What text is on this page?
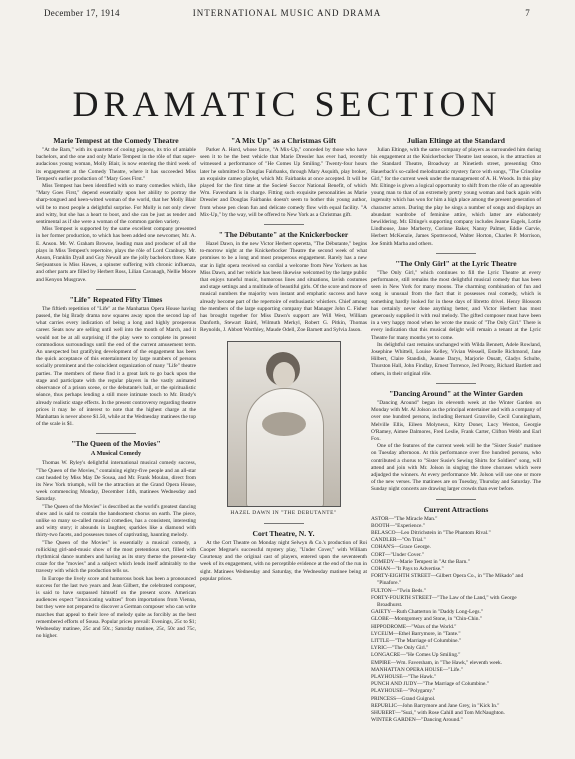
December 17, 1914	INTERNATIONAL MUSIC AND DRAMA	7
DRAMATIC SECTION
Marie Tempest at the Comedy Theatre

"At the Barn," with its quartette of cooing pigeons, its trio of amiable bachelors, and the one and only Marie Tempest in the rôle of that super-audacious young woman, Molly Blair, is now entering the third week of its engagement at the Comedy Theatre, where it has succeeded Miss Tempest's earlier production of "Mary Goes First."

Miss Tempest has been identified with so many comedies which, like "Mary Goes First," depend essentially upon her ability to portray the sharp-tongued and keen-witted woman of the world, that her Molly Blair will be to most people a delightful surprise. For Molly is not only clever and witty, but she has a heart to boot, and she can be just as tender and sentimental as if she were a woman of the common garden variety.

Miss Tempest is supported by the same excellent company presented in her former production, to which has been added one newcomer, Mr. A. E. Anson. Mr. W. Graham Browne, leading man and producer of all the plays in Miss Tempest's repertoire, plays the rôle of Lord Cranbury. Mr. Anson, Franklin Dyall and Guy Newall are the jolly bachelors three. Kate Serjeantson is Miss Hawes, a spinster suffering with chronic influenza, and other parts are filled by Herbert Ross, Lilian Cavanagh, Nellie Moore and Kenyon Musgrave.

"Life" Repeated Fifty Times

The fiftieth repetition of "Life" at the Manhattan Opera House having passed, the big Brady drama now squares away upon the second lap of what carries every indication of being a long and highly prosperous career. Seats now are selling until well into the month of March, and it would not be at all surprising if the play were to complete its present commodious surroundings until the end of the current amusement term. An unexpected but gratifying development of the engagement has been the quick acceptance of this entertainment by large numbers of persons socially prominent and the coincident organization of many "Life" theatre parties. The members of these find it a great lark to go back upon the stage and participate with the regular players in the vastly animated observance of a prison scene, or the debutante's ball, or the spiritualistic séance, thus perhaps lending a still more intimate touch to Mr. Brady's already realistic stage effects. In the present controversy regarding theatre prices it may be of interest to note that the highest charge at the Manhattan is never above $1.50, while at the Wednesday matinees the top of the scale is $1.

"The Queen of the Movies"
A Musical Comedy

Thomas W. Ryley's delightful international musical comedy success, "The Queen of the Movies," containing eighty-five people and an all-star cast headed by Miss May De Sousa, and Mr. Frank Moulan, direct from its New York triumph, will be the attraction at the Grand Opera House, week commencing Monday, December 14th, matinees Wednesday and Saturday.

"The Queen of the Movies" is described as the world's greatest dancing show and is said to contain the handsomest chorus on earth. The piece, unlike so many so-called musical comedies, has a consistent, interesting and witty story; it abounds in laughter, sparkles like a diamond with thirty-two facets, and possesses tunes of captivating, haunting melody.

"The Queen of the Movies" is essentially a musical comedy, a rollicking girl-and-music show of the most pretentious sort, filled with rhythmical dance numbers and having as its story theme the present-day craze for the "movies" and a subject which lends itself admirably to the travesty with which the production tells us.

In Europe the lively score and humorous book has been a pronounced success for the last two years and Jean Gilbert, the celebrated composer, is said to have surpassed himself on the present score. American audiences expect "intoxicating waltzes" from importations from Vienna, but they were not prepared to discover a German composer who can write marches that appeal to their love of melody quite as forcibly as the best remembered efforts of Sousa. Popular prices prevail: Evenings, 25c to $1; Wednesday matinee, 25c and 50c.; Saturday matinee, 25c, 50c and 75c, no higher.

"A Mix Up" as a Christmas Gift

Parker A. Hord, whose farce, "A Mix-Up," conceded by those who have seen it to be the best vehicle that Marie Dressler has ever had, recently witnessed a performance of "He Comes Up Smiling." Twenty-four hours later he submitted to Douglas Fairbanks, through Mary Asquith, play broker, an exquisite cameo playlet, which Mr. Fairbanks at once accepted. It will be played for the first time at the Societé Succor National Benefit, of which Wm. Faversham is in charge. Fitting such exquisite personalities as Marie Dressler and Douglas Fairbanks doesn't seem to bother this young author, from whose pen clean fun and delicate comedy flow with equal facility. "A Mix-Up," by the way, will be offered to New York as a Christmas gift.

" The Débutante" at the Knickerbocker

Hazel Dawn, in the new Victor Herbert operetta, "The Débutante," begins to-morrow night at the Knickerbocker Theatre the second week of what promises to be a long and most prosperous engagement. Rarely has a new star in light opera received so cordial a welcome from New Yorkers as has Miss Dawn, and her vehicle has been likewise welcomed by the large public that enjoys tuneful music, humorous lines and situations, lavish costumes and stage settings and a multitude of beautiful girls. Of the score and more of musical numbers the majority won instant and emphatic success and have already become part of the repertoire of enthusiastic whistlers. Chief among the members of the large supporting company that Manager John C. Fisher has brought together for Miss Dawn's support are Will West, William Danforth, Stewart Baird, Wilmuth Merkyl, Robert G. Pitkin, Thomas Reynolds, J. Abbott Worthley, Maude Odell, Zoe Barnett and Sylvia Jason.

HAZEL DAWN IN "THE DEBUTANTE"
Cort Theatre, N. Y.

At the Cort Theatre on Monday night Selwyn & Co.'s production of Roi Cooper Megrue's successful mystery play, "Under Cover," with William Courtenay and the original cast of players, entered upon the seventeenth week of its engagement, with no perceptible evidence at the end of the run in sight. Matinees Wednesday and Saturday, the Wednesday matinee being at popular prices.

Julian Eltinge at the Standard

Julian Eltinge, with the same company of players as surrounded him during his engagement at the Knickerbocker Theatre last season, is the attraction at the Standard Theatre, Broadway at Ninetieth street, presenting Otto Hauerbach's so-called melodramatic mystery farce with songs, "The Crinoline Girl," for the current week under the management of A. H. Woods. In this play Mr. Eltinge is given a logical opportunity to shift from the rôle of an agreeable young man to that of an extremely pretty young woman and back again with ingenuity which has won for him a high place among the present generation of character actors. During the play he sings a number of songs and displays an abundant wardrobe of feminine attire, which latter are elaborately bewildering. Mr. Eltinge's supporting company includes Jeanne Eagels, Lottie Lindhouse, Jane Marberry, Corinne Baker, Nanny Palmer, Eddie Garvie, Herbert McKenzie, James Spottswood, Walter Horton, Charles P. Morrison, Joe Smith Marba and others.

"The Only Girl" at the Lyric Theatre

"The Only Girl," which continues to fill the Lyric Theatre at every performance, still remains the most delightful musical comedy that has been seen in New York for many moons. The charming combination of fun and song is unusual from the fact that it possesses real comedy, which is something hardly looked for in these days of libretto drivel. Henry Blossom has certainly never done anything better, and Victor Herbert has most generously supplied it with real melody. The gifted composer must have been in a very happy mood when he wrote the music of "The Only Girl." There is every indication that this musical delight will remain a tenant at the Lyric Theatre for many months yet to come.

Its delightful cast remains unchanged with Wilda Bennett, Adele Rowland, Josephine Whittell, Louise Kelley, Vivian Wessell, Estelle Richmond, Jane Hilbert, Claire Standish, Jeanne Darys, Marjorie Onsatt, Gladys Schulte, Thurston Hall, John Findlay, Ernest Torrence, Jed Prouty, Richard Bartlett and others, in their original rôle.

"Dancing Around" at the Winter Garden

"Dancing Around" began its eleventh week at the Winter Garden on Monday with Mr. Al Jolson as the principal entertainer and with a company of over one hundred persons, including Bernard Granville, Cecil Cunningham, Melville Ellis, Eileen Molyneux, Kitty Doner, Lucy Weston, Georgie O'Ramey, Aimee Dalmores, Fred Leslie, Frank Carter, Clifton Webb and Earl Fox.

One of the features of the current week will be the "Sister Susie" matinee on Tuesday afternoon. At this performance over five hundred persons, who contributed a chorus to "Sister Susie's Sewing Shirts for Soldiers" song, will attend and join with Mr. Jolson in singing the three choruses which were adjudged the winners. At every performance Mr. Jolson will use one or more of the new verses. The matinees are on Tuesday, Thursday and Saturday. The Sunday night concerts are drawing larger crowds than ever before.

Current Attractions
ASTOR—"The Miracle Man."
BOOTH—"Experience."
BELASCO—Leo Ditrichstein in "The Phantom Rival."
CANDLER—"On Trial."
COHAN'S—Grace George.
CORT—"Under Cover."
COMEDY—Marie Tempest in "At the Barn."
COHAN—"It Pays to Advertise."
FORTY-EIGHTH STREET—Gilbert Opera Co., in "The Mikado" and "Pinafore."
FULTON—"Twin Beds."
FORTY-FOURTH STREET—"The Law of the Land," with George Broadhurst.
GAIETY—Ruth Chatterton in "Daddy Long-Legs."
GLOBE—Montgomery and Stone, in "Chin-Chin."
HIPPODROME—"Wars of the World."
LYCEUM—Ethel Barrymore, in "Tante."
LITTLE—"The Marriage of Columbine."
LYRIC—"The Only Girl."
LONGACRE—"He Comes Up Smiling."
EMPIRE—Wm. Faversham, in "The Hawk," eleventh week.
MANHATTAN OPERA HOUSE—"Life."
PLAYHOUSE—"The Hawk."
PUNCH AND JUDY—"The Marriage of Columbine."
PLAYHOUSE—"Polygamy."
PRINCESS—Grand Guignol.
REPUBLIC—John Barrymore and Jane Grey, in "Kick In."
SHUBERT—"Suzi," with Rose Cahill and Tom McNaughton.
WINTER GARDEN—"Dancing Around."
